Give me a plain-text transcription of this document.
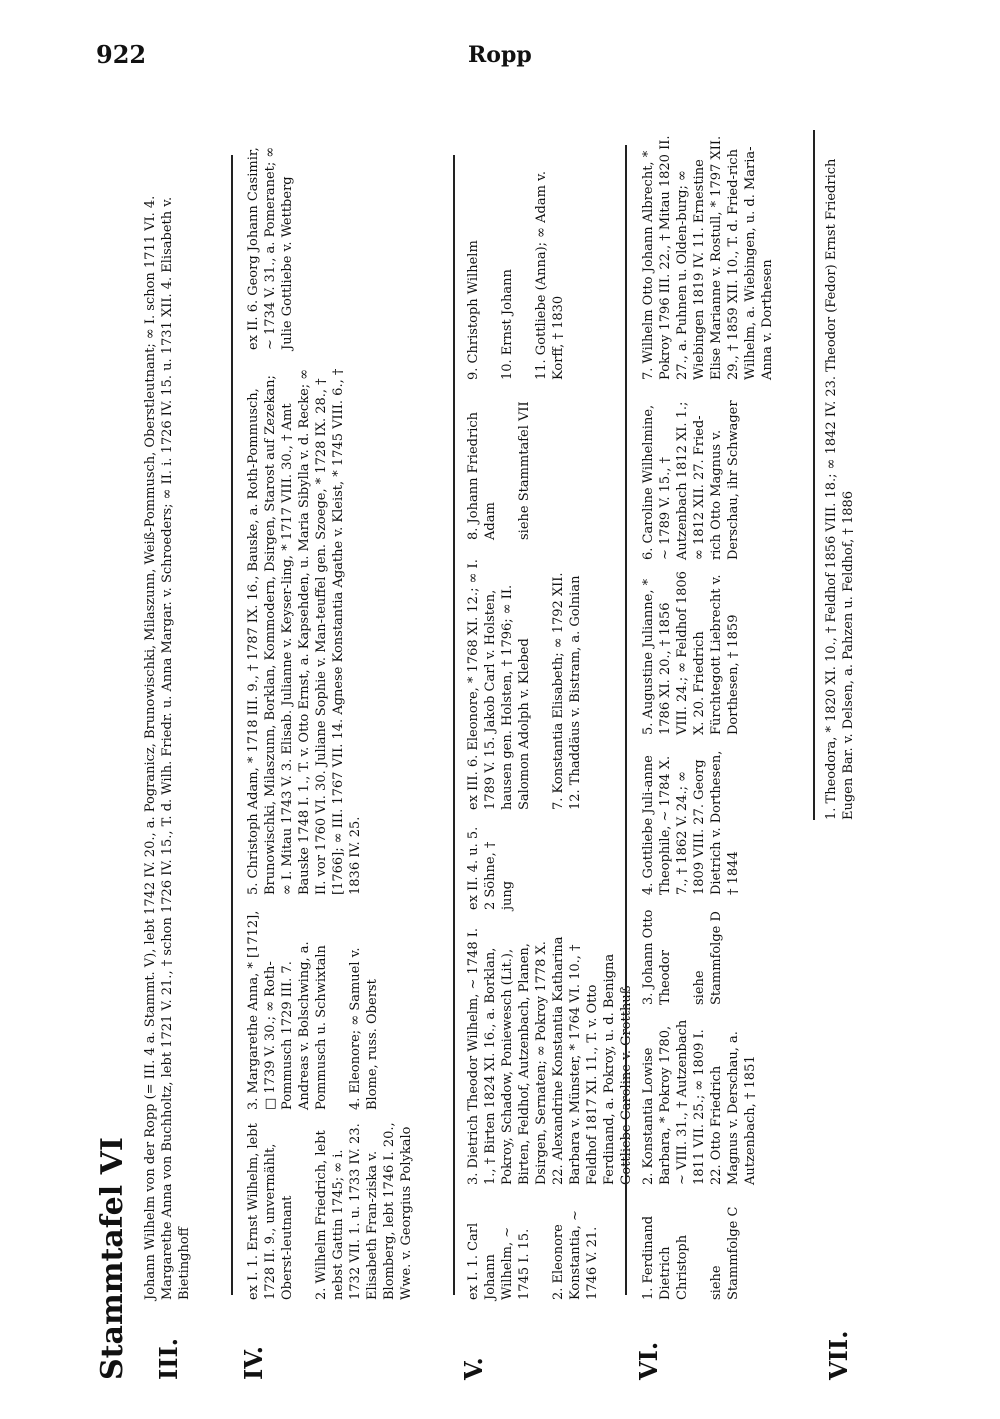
922	Ropp
Stammtafel VI III.
Johann Wilhelm von der Ropp (= III. 4 a. Stammt. V), lebt 1742 IV. 20., a. Pogranicz, Brunowischki, Milaszunn, Weiß-Pommusch, Oberstleutnant; ∞ I. schon 1711 VI. 4. Margarethe Anna von Buchholtz, lebt 1721 V. 21., † schon 1726 IV. 15., T. d. Wilh. Friedr. u. Anna Margar. v. Schroeders; ∞ II. i. 1726 IV. 15. u. 1731 XII. 4. Elisabeth v. Bietinghoff
IV.
ex I. 1. Ernst Wilhelm, lebt 1728 II. 9., unvermählt, Oberst-leutnant

2. Wilhelm Friedrich, lebt nebst Gattin 1745; ∞ i. 1732 VII. 1. u. 1733 IV. 23. Elisabeth Fran-ziska v. Blomberg, lebt 1746 I. 20., Wwe. v. Georgius Polykalo
3. Margarethe Anna, * [1712], □ 1739 V. 30.; ∞ Roth-Pommusch 1729 III. 7. Andreas v. Bolschwing, a. Pommusch u. Schwixtaln

4. Eleonore; ∞ Samuel v. Blome, russ. Oberst
5. Christoph Adam, * 1718 III. 9., † 1787 IX. 16., Bauske, a. Roth-Pommusch, Brunowischki, Milaszunn, Borklan, Kommodern, Dsirgen, Starost auf Zezekan; ∞ I. Mitau 1743 V. 3. Elisab. Julianne v. Keyser-ling, * 1717 VIII. 30., † Amt Bauske 1748 I. 1., T. v. Otto Ernst, a. Kapsehden, u. Maria Sibylla v. d. Recke; ∞ II. vor 1760 VI. 30. Juliane Sophie v. Man-teuffel gen. Szoege, * 1728 IX. 28., † [1766]; ∞ III. 1767 VII. 14. Agnese Konstantia Agathe v. Kleist, * 1745 VIII. 6., † 1836 IV. 25.
ex II. 6. Georg Johann Casimir, ∼ 1734 V. 31., a. Pomeranet; ∞ Julie Gottliebe v. Wettberg
V.
ex I. 1. Carl Johann Wilhelm, ∼ 1745 I. 15.

2. Eleonore Konstantia, ∼ 1746 V. 21.
3. Dietrich Theodor Wilhelm, ∼ 1748 I. 1., † Birten 1824 XI. 16., a. Borklan, Pokroy, Schadow, Poniewesch (Lit.), Birten, Feldhof, Autzenbach, Planen, Dsirgen, Sernaten; ∞ Pokroy 1778 X. 22. Alexandrine Konstantia Katharina Barbara v. Münster, * 1764 VI. 10., † Feldhof 1817 XI. 11., T. v. Otto Ferdinand, a. Pokroy, u. d. Benigna Gottliebe Caroline v. Grotthuß
ex II. 4. u. 5. 2 Söhne, † jung
ex III. 6. Eleonore, * 1768 XI. 12.; ∞ I. 1789 V. 15. Jakob Carl v. Holsten, hausen gen. Holsten, † 1796; ∞ II. Salomon Adolph v. Klebed

7. Konstantia Elisabeth; ∞ 1792 XII. 12. Thaddäus v. Bistram, a. Golnian
8. Johann Friedrich Adam

siehe Stammtafel VII
9. Christoph Wilhelm

10. Ernst Johann

11. Gottliebe (Anna); ∞ Adam v. Korff, † 1830
VI.
1. Ferdinand Dietrich Christoph

siehe Stammfolge C
2. Konstantia Lowise Barbara, * Pokroy 1780, ∼ VIII. 31., † Autzenbach 1811 VII. 25.; ∞ 1809 I. 22. Otto Friedrich Magnus v. Derschau, a. Autzenbach, † 1851
3. Johann Otto Theodor

siehe Stammfolge D
4. Gottliebe Juli-anne Theophile, ∼ 1784 X. 7., † 1862 V. 24.; ∞ 1809 VIII. 27. Georg Dietrich v. Dorthesen, † 1844
5. Augustine Julianne, * 1786 XI. 20., † 1856 VIII. 24.; ∞ Feldhof 1806 X. 20. Friedrich Fürchtegott Liebrecht v. Dorthesen, † 1859
6. Caroline Wilhelmine, ∼ 1789 V. 15., † Autzenbach 1812 XI. 1.; ∞ 1812 XII. 27. Fried-rich Otto Magnus v. Derschau, ihr Schwager
7. Wilhelm Otto Johann Albrecht, * Pokroy 1796 III. 22., † Mitau 1820 II. 27., a. Puhnen u. Olden-burg; ∞ Wiebingen 1819 IV. 11. Ernestine Elise Marianne v. Rostull, * 1797 XII. 29., † 1859 XII. 10., T. d. Fried-rich Wilhelm, a. Wiebingen, u. d. Maria-Anna v. Dorthesen
VII.
1. Theodora, * 1820 XI. 10., † Feldhof 1856 VIII. 18.; ∞ 1842 IV. 23. Theodor (Fedor) Ernst Friedrich Eugen Bar. v. Delsen, a. Pahzen u. Feldhof, † 1886
